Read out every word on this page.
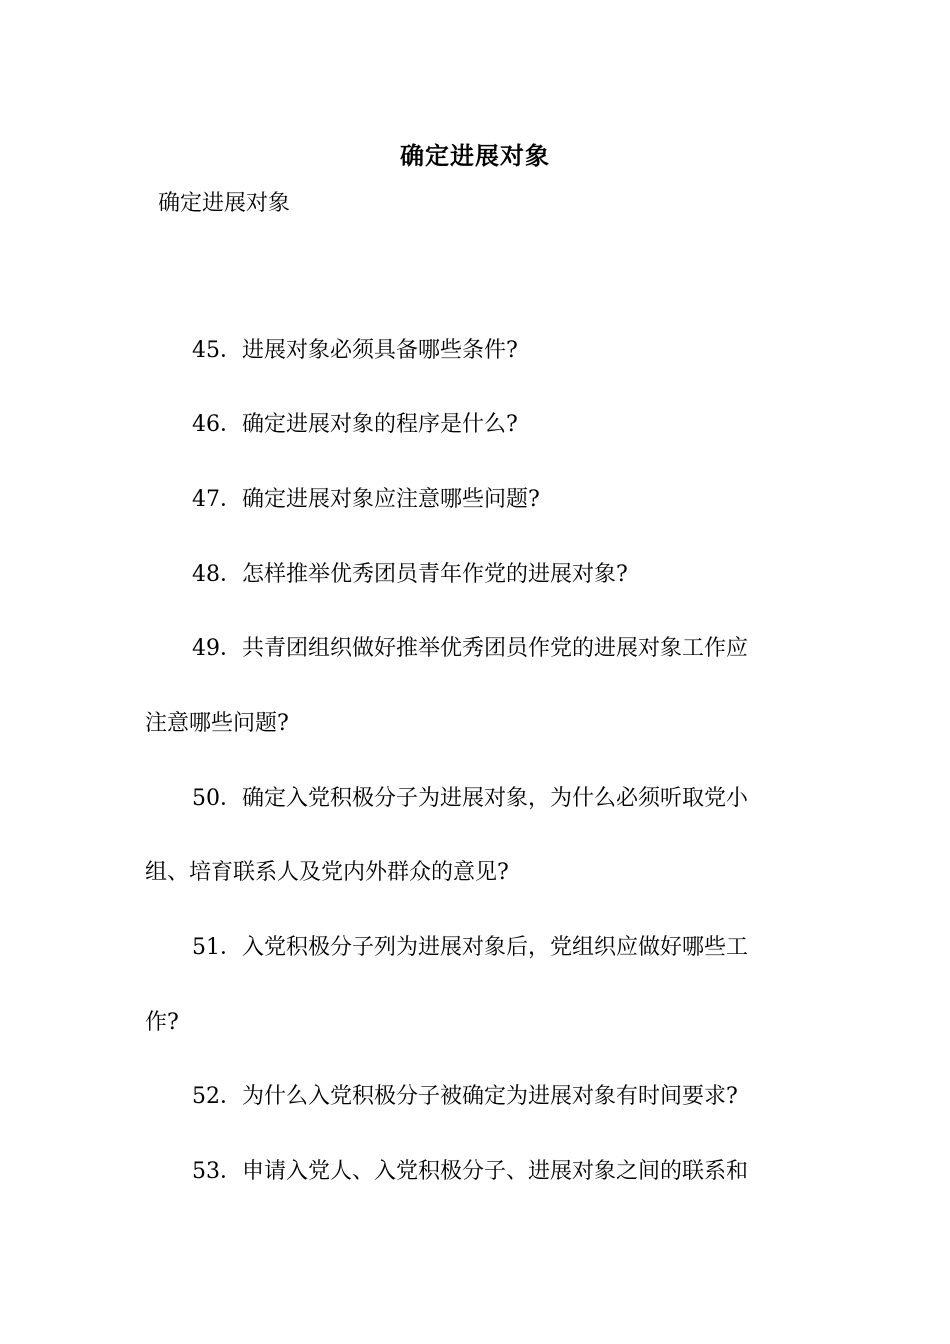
确定进展对象
确定进展对象
45．进展对象必须具备哪些条件?
46．确定进展对象的程序是什么?
47．确定进展对象应注意哪些问题?
48．怎样推举优秀团员青年作党的进展对象?
49．共青团组织做好推举优秀团员作党的进展对象工作应
注意哪些问题?
50．确定入党积极分子为进展对象，为什么必须听取党小
组、培育联系人及党内外群众的意见?
51．入党积极分子列为进展对象后，党组织应做好哪些工
作?
52．为什么入党积极分子被确定为进展对象有时间要求?
53．申请入党人、入党积极分子、进展对象之间的联系和
